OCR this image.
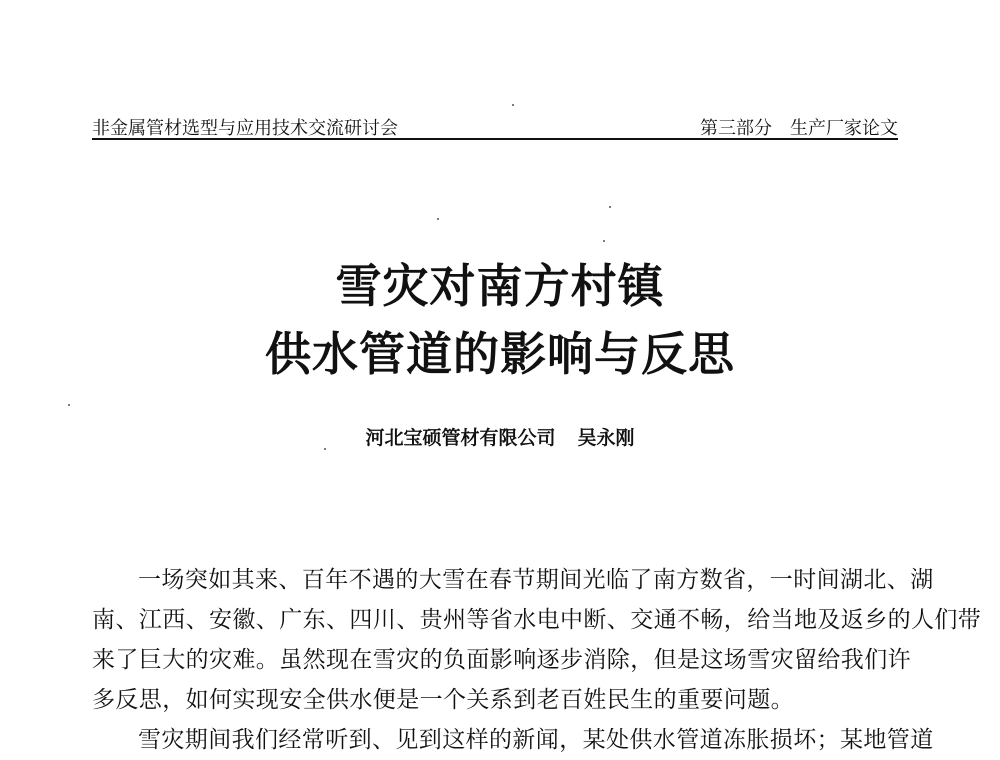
非金属管材选型与应用技术交流研讨会	第三部分　生产厂家论文
雪灾对南方村镇
供水管道的影响与反思
河北宝硕管材有限公司 吴永刚
一场突如其来、百年不遇的大雪在春节期间光临了南方数省，一时间湖北、湖
南、江西、安徽、广东、四川、贵州等省水电中断、交通不畅，给当地及返乡的人们带
来了巨大的灾难。虽然现在雪灾的负面影响逐步消除，但是这场雪灾留给我们许
多反思，如何实现安全供水便是一个关系到老百姓民生的重要问题。
雪灾期间我们经常听到、见到这样的新闻，某处供水管道冻胀损坏；某地管道
